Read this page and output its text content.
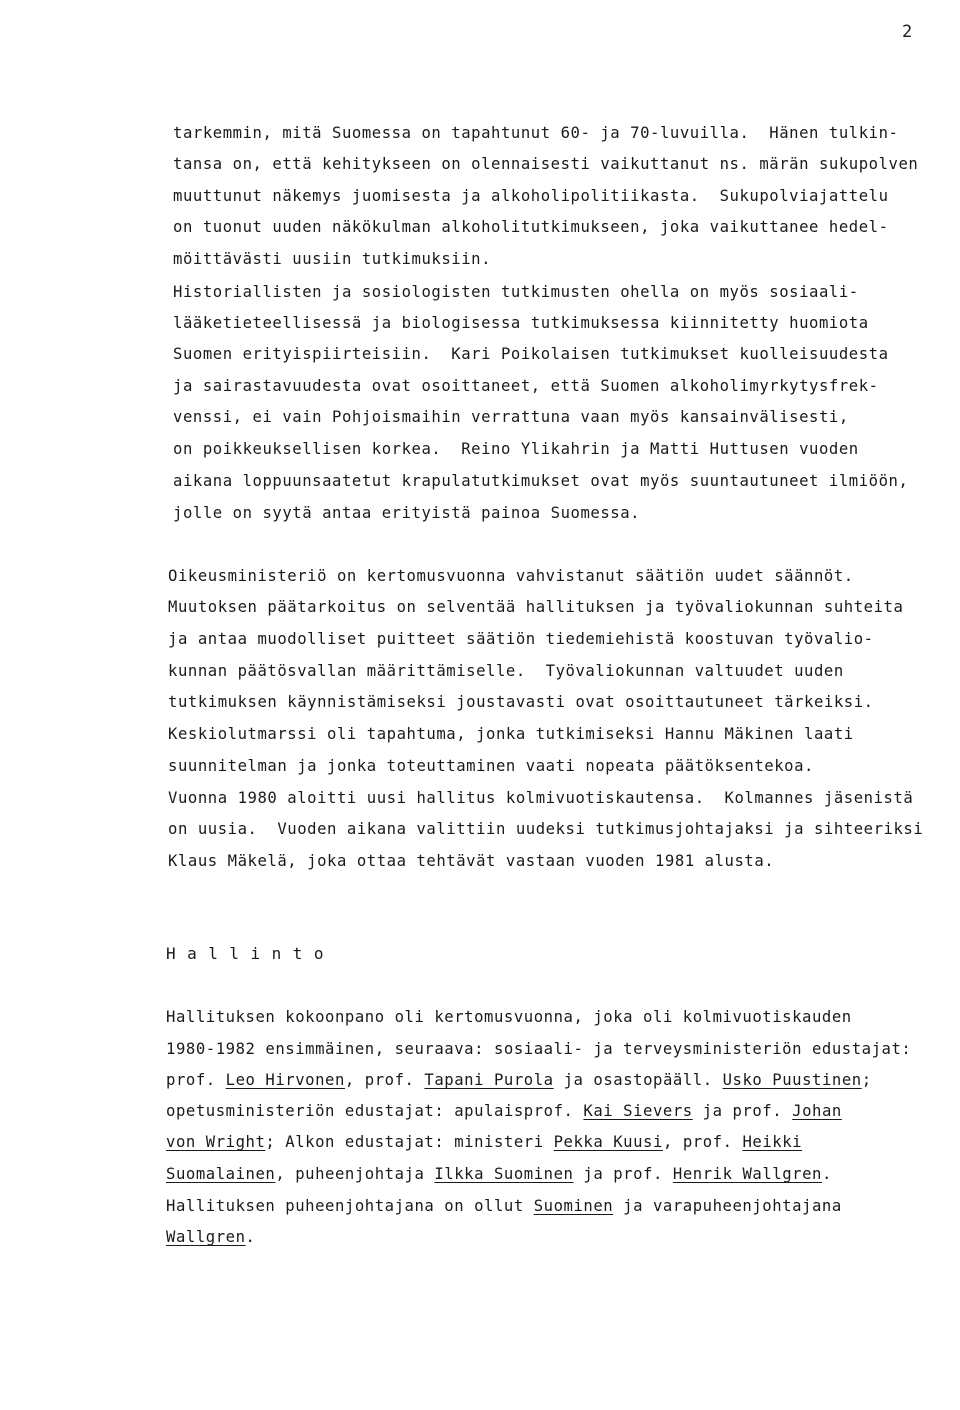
2
tarkemmin, mitä Suomessa on tapahtunut 60- ja 70-luvuilla.  Hänen tulkin-
tansa on, että kehitykseen on olennaisesti vaikuttanut ns. märän sukupolven
muuttunut näkemys juomisesta ja alkoholipolitiikasta.  Sukupolviajattelu
on tuonut uuden näkökulman alkoholitutkimukseen, joka vaikuttanee hedel-
möittävästi uusiin tutkimuksiin.
Historiallisten ja sosiologisten tutkimusten ohella on myös sosiaali-
lääketieteellisessä ja biologisessa tutkimuksessa kiinnitetty huomiota
Suomen erityispiirteisiin.  Kari Poikolaisen tutkimukset kuolleisuudesta
ja sairastavuudesta ovat osoittaneet, että Suomen alkoholimyrkytysfrek-
venssi, ei vain Pohjoismaihin verrattuna vaan myös kansainvälisesti,
on poikkeuksellisen korkea.  Reino Ylikahrin ja Matti Huttusen vuoden
aikana loppuunsaatetut krapulatutkimukset ovat myös suuntautuneet ilmiöön,
jolle on syytä antaa erityistä painoa Suomessa.
Oikeusministeriö on kertomusvuonna vahvistanut säätiön uudet säännöt.
Muutoksen päätarkoitus on selventää hallituksen ja työvaliokunnan suhteita
ja antaa muodolliset puitteet säätiön tiedemiehistä koostuvan työvalio-
kunnan päätösvallan määrittämiselle.  Työvaliokunnan valtuudet uuden
tutkimuksen käynnistämiseksi joustavasti ovat osoittautuneet tärkeiksi.
Keskiolutmarssi oli tapahtuma, jonka tutkimiseksi Hannu Mäkinen laati
suunnitelman ja jonka toteuttaminen vaati nopeata päätöksentekoa.
Vuonna 1980 aloitti uusi hallitus kolmivuotiskautensa.  Kolmannes jäsenistä
on uusia.  Vuoden aikana valittiin uudeksi tutkimusjohtajaksi ja sihteeriksi
Klaus Mäkelä, joka ottaa tehtävät vastaan vuoden 1981 alusta.
Hallinto
Hallituksen kokoonpano oli kertomusvuonna, joka oli kolmivuotiskauden
1980-1982 ensimmäinen, seuraava: sosiaali- ja terveysministeriön edustajat:
prof. Leo Hirvonen, prof. Tapani Purola ja osastopääll. Usko Puustinen;
opetusministeriön edustajat: apulaisprof. Kai Sievers ja prof. Johan
von Wright; Alkon edustajat: ministeri Pekka Kuusi, prof. Heikki
Suomalainen, puheenjohtaja Ilkka Suominen ja prof. Henrik Wallgren.
Hallituksen puheenjohtajana on ollut Suominen ja varapuheenjohtajana
Wallgren.
